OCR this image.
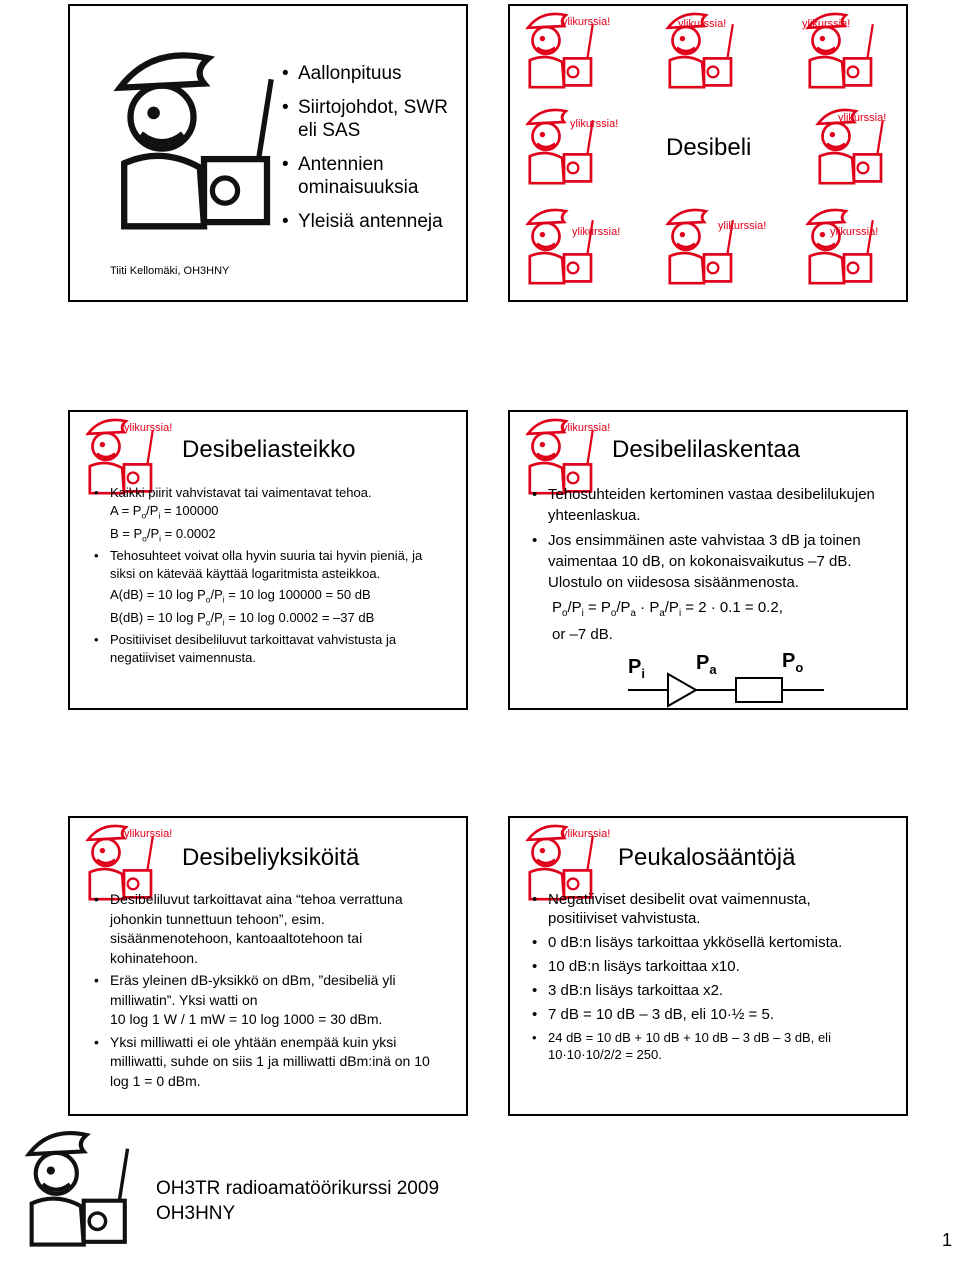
Tiiti Kellomäki, OH3HNY
• Aallonpituus
• Siirtojohdot, SWR eli SAS
• Antennien ominaisuuksia
• Yleisiä antenneja
ylikurssia!	ylikurssia!	ylikurssia!
ylikurssia!	ylikurssia!
ylikurssia!	ylikurssia!	ylikurssia!
Desibeli
ylikurssia!
Desibeliasteikko
• Kaikki piirit vahvistavat tai vaimentavat tehoa.
$A = P_o/P_i = 100000$
$B = P_o/P_i = 0.0002$
• Tehosuhteet voivat olla hyvin suuria tai hyvin pieniä, ja siksi on kätevää käyttää logaritmista asteikkoa.
A(dB) = 10 $\log P_o/P_i = 10$ log 100000 = 50 dB
B(dB) = 10 $\log P_o/P_i = 10$ log 0.0002 = –37 dB
• Positiiviset desibeliluvut tarkoittavat vahvistusta ja negatiiviset vaimennusta.
ylikurssia!
Desibelilaskentaa
• Tehosuhteiden kertominen vastaa desibelilukujen yhteenlaskua.
• Jos ensimmäinen aste vahvistaa 3 dB ja toinen vaimentaa 10 dB, on kokonaisvaikutus –7 dB. Ulostulo on viidesosa sisäänmenosta.
$P_o/P_i = P_o/P_a \cdot P_a/P_i = 2 \cdot 0.1 = 0.2$,
or –7 dB.
$P_i$	$P_a$	$P_o$
ylikurssia!
Desibeliyksiköitä
• Desibeliluvut tarkoittavat aina “tehoa verrattuna johonkin tunnettuun tehoon”, esim. sisäänmenotehoon, kantoaaltotehoon tai kohinatehoon.
• Eräs yleinen dB-yksikkö on dBm, ”desibeliä yli milliwatin”. Yksi watti on
10 log 1 W / 1 mW = 10 log 1000 = 30 dBm.
• Yksi milliwatti ei ole yhtään enempää kuin yksi milliwatti, suhde on siis 1 ja milliwatti dBm:inä on 10 log 1 = 0 dBm.
ylikurssia!
Peukalosääntöjä
• Negatiiviset desibelit ovat vaimennusta, positiiviset vahvistusta.
• 0 dB:n lisäys tarkoittaa ykkösellä kertomista.
• 10 dB:n lisäys tarkoittaa x10.
• 3 dB:n lisäys tarkoittaa x2.
• 7 dB = 10 dB – 3 dB, eli 10·½ = 5.
• 24 dB = 10 dB + 10 dB + 10 dB – 3 dB – 3 dB, eli 10·10·10/2/2 = 250.
OH3TR radioamatöörikurssi 2009
OH3HNY
1
